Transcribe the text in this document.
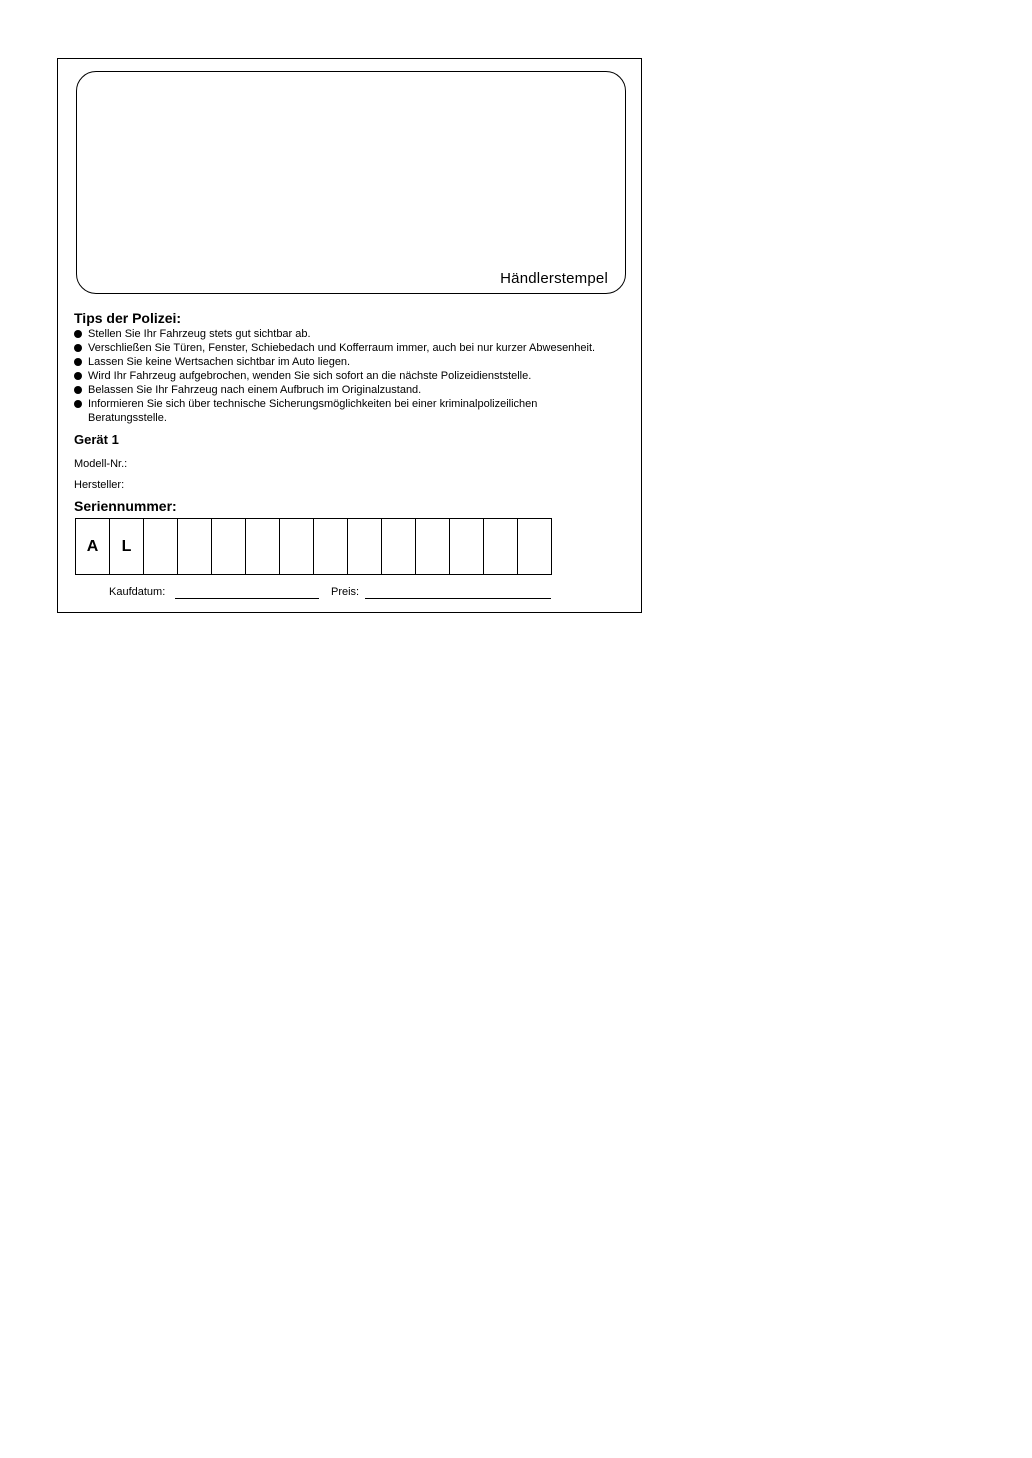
Händlerstempel
Tips der Polizei:
Stellen Sie Ihr Fahrzeug stets gut sichtbar ab.
Verschließen Sie Türen, Fenster, Schiebedach und Kofferraum immer, auch bei nur kurzer Abwesenheit.
Lassen Sie keine Wertsachen sichtbar im Auto liegen.
Wird Ihr Fahrzeug aufgebrochen, wenden Sie sich sofort an die nächste Polizeidienststelle.
Belassen Sie Ihr Fahrzeug nach einem Aufbruch im Originalzustand.
Informieren Sie sich über technische Sicherungsmöglichkeiten bei einer kriminalpolizeilichen Beratungsstelle.
Gerät 1
Modell-Nr.:
Hersteller:
Seriennummer:
A	L
Kaufdatum:	Preis:
